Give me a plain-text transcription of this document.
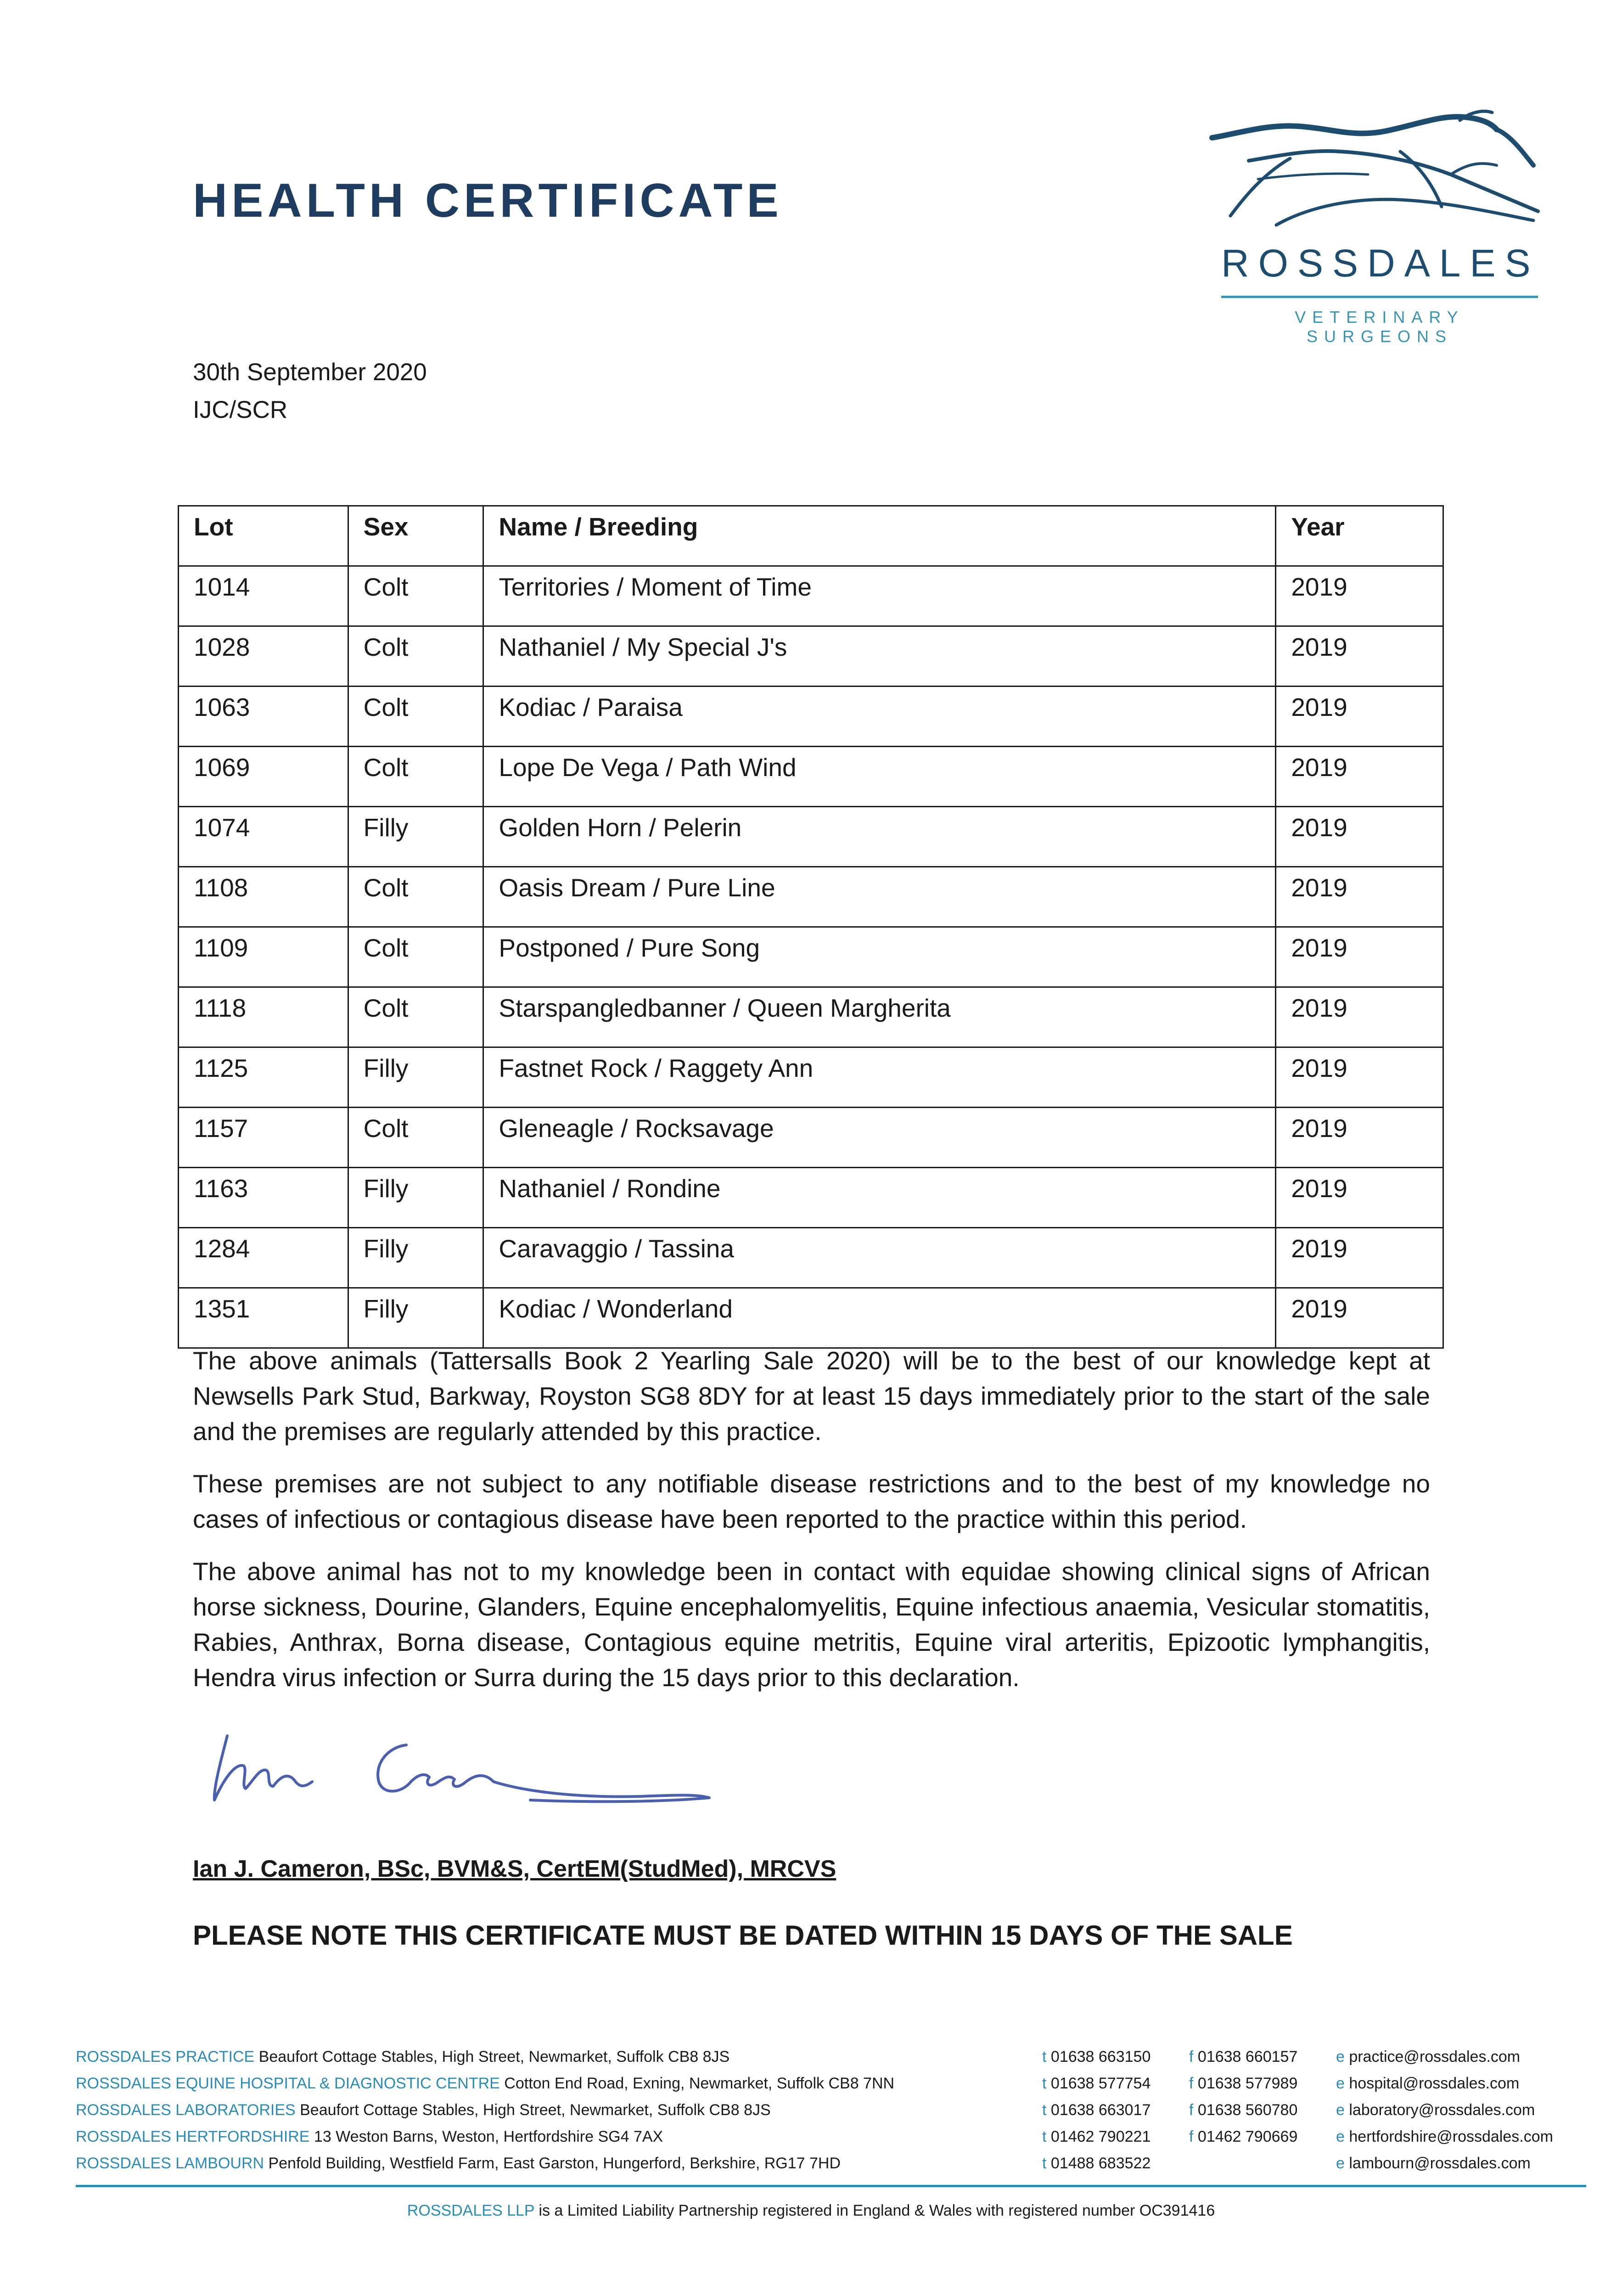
HEALTH CERTIFICATE
ROSSDALES
VETERINARY SURGEONS
30th September 2020
IJC/SCR
Lot	Sex	Name / Breeding	Year
1014	Colt	Territories / Moment of Time	2019
1028	Colt	Nathaniel / My Special J's	2019
1063	Colt	Kodiac / Paraisa	2019
1069	Colt	Lope De Vega / Path Wind	2019
1074	Filly	Golden Horn / Pelerin	2019
1108	Colt	Oasis Dream / Pure Line	2019
1109	Colt	Postponed / Pure Song	2019
1118	Colt	Starspangledbanner / Queen Margherita	2019
1125	Filly	Fastnet Rock / Raggety Ann	2019
1157	Colt	Gleneagle / Rocksavage	2019
1163	Filly	Nathaniel / Rondine	2019
1284	Filly	Caravaggio / Tassina	2019
1351	Filly	Kodiac / Wonderland	2019

The above animals (Tattersalls Book 2 Yearling Sale 2020) will be to the best of our knowledge kept at Newsells Park Stud, Barkway, Royston SG8 8DY for at least 15 days immediately prior to the start of the sale and the premises are regularly attended by this practice.

These premises are not subject to any notifiable disease restrictions and to the best of my knowledge no cases of infectious or contagious disease have been reported to the practice within this period.

The above animal has not to my knowledge been in contact with equidae showing clinical signs of African horse sickness, Dourine, Glanders, Equine encephalomyelitis, Equine infectious anaemia, Vesicular stomatitis, Rabies, Anthrax, Borna disease, Contagious equine metritis, Equine viral arteritis, Epizootic lymphangitis, Hendra virus infection or Surra during the 15 days prior to this declaration.

Ian J. Cameron, BSc, BVM&S, CertEM(StudMed), MRCVS
PLEASE NOTE THIS CERTIFICATE MUST BE DATED WITHIN 15 DAYS OF THE SALE
ROSSDALES PRACTICE Beaufort Cottage Stables, High Street, Newmarket, Suffolk CB8 8JS	t 01638 663150 f 01638 660157 e practice@rossdales.com
ROSSDALES EQUINE HOSPITAL & DIAGNOSTIC CENTRE Cotton End Road, Exning, Newmarket, Suffolk CB8 7NN	t 01638 577754 f 01638 577989 e hospital@rossdales.com
ROSSDALES LABORATORIES Beaufort Cottage Stables, High Street, Newmarket, Suffolk CB8 8JS	t 01638 663017 f 01638 560780 e laboratory@rossdales.com
ROSSDALES HERTFORDSHIRE 13 Weston Barns, Weston, Hertfordshire SG4 7AX	t 01462 790221 f 01462 790669 e hertfordshire@rossdales.com
ROSSDALES LAMBOURN Penfold Building, Westfield Farm, East Garston, Hungerford, Berkshire, RG17 7HD	t 01488 683522	e lambourn@rossdales.com
ROSSDALES LLP is a Limited Liability Partnership registered in England & Wales with registered number OC391416
